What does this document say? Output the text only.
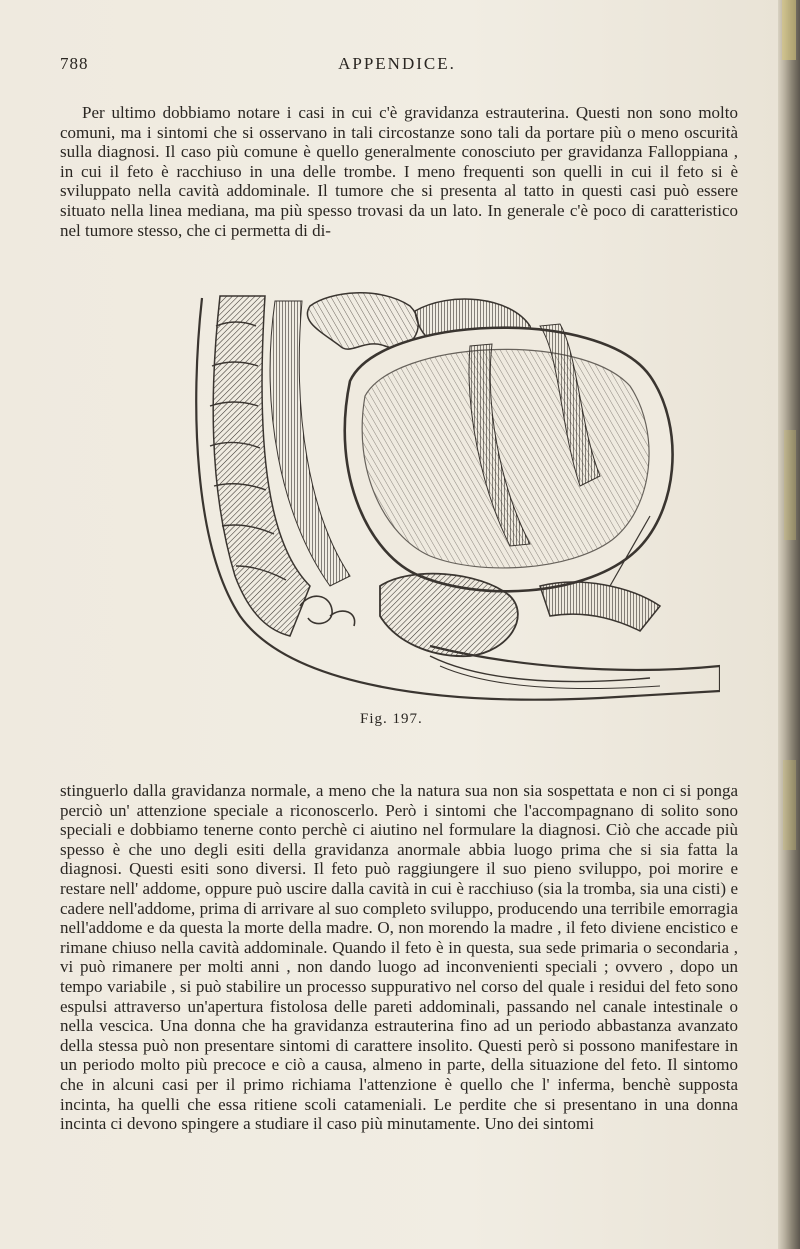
788	APPENDICE.

Per ultimo dobbiamo notare i casi in cui c'è gravidanza estrauterina. Questi non sono molto comuni, ma i sintomi che si osservano in tali circostanze sono tali da portare più o meno oscurità sulla diagnosi. Il caso più comune è quello generalmente conosciuto per gravidanza Falloppiana , in cui il feto è racchiuso in una delle trombe. I meno frequenti son quelli in cui il feto si è sviluppato nella cavità addominale. Il tumore che si presenta al tatto in questi casi può essere situato nella linea mediana, ma più spesso trovasi da un lato. In generale c'è poco di caratteristico nel tumore stesso, che ci permetta di di-

Fig. 197.

stinguerlo dalla gravidanza normale, a meno che la natura sua non sia sospettata e non ci si ponga perciò un' attenzione speciale a riconoscerlo. Però i sintomi che l'accompagnano di solito sono speciali e dobbiamo tenerne conto perchè ci aiutino nel formulare la diagnosi. Ciò che accade più spesso è che uno degli esiti della gravidanza anormale abbia luogo prima che si sia fatta la diagnosi. Questi esiti sono diversi. Il feto può raggiungere il suo pieno sviluppo, poi morire e restare nell' addome, oppure può uscire dalla cavità in cui è racchiuso (sia la tromba, sia una cisti) e cadere nell'addome, prima di arrivare al suo completo sviluppo, producendo una terribile emorragia nell'addome e da questa la morte della madre. O, non morendo la madre , il feto diviene encistico e rimane chiuso nella cavità addominale. Quando il feto è in questa, sua sede primaria o secondaria , vi può rimanere per molti anni , non dando luogo ad inconvenienti speciali ; ovvero , dopo un tempo variabile , si può stabilire un processo suppurativo nel corso del quale i residui del feto sono espulsi attraverso un'apertura fistolosa delle pareti addominali, passando nel canale intestinale o nella vescica. Una donna che ha gravidanza estrauterina fino ad un periodo abbastanza avanzato della stessa può non presentare sintomi di carattere insolito. Questi però si possono manifestare in un periodo molto più precoce e ciò a causa, almeno in parte, della situazione del feto. Il sintomo che in alcuni casi per il primo richiama l'attenzione è quello che l' inferma, benchè supposta incinta, ha quelli che essa ritiene scoli catameniali. Le perdite che si presentano in una donna incinta ci devono spingere a studiare il caso più minutamente. Uno dei sintomi
